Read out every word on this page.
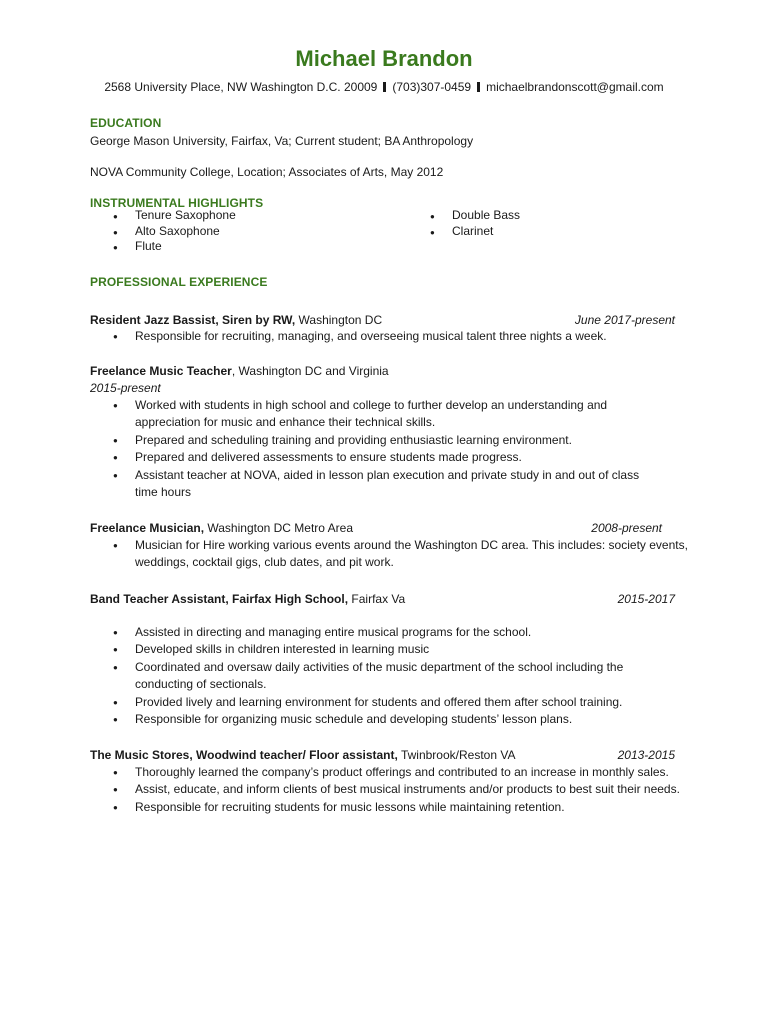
Michael Brandon
2568 University Place, NW Washington D.C. 20009 (703)307-0459 michaelbrandonscott@gmail.com
EDUCATION
George Mason University, Fairfax, Va; Current student; BA Anthropology
NOVA Community College, Location; Associates of Arts, May 2012
INSTRUMENTAL HIGHLIGHTS
● Tenure Saxophone
● Alto Saxophone
● Flute
● Double Bass
● Clarinet
PROFESSIONAL EXPERIENCE
Resident Jazz Bassist, Siren by RW, Washington DC	June 2017-present
● Responsible for recruiting, managing, and overseeing musical talent three nights a week.
Freelance Music Teacher, Washington DC and Virginia
2015-present
● Worked with students in high school and college to further develop an understanding and appreciation for music and enhance their technical skills.
● Prepared and scheduling training and providing enthusiastic learning environment.
● Prepared and delivered assessments to ensure students made progress.
● Assistant teacher at NOVA, aided in lesson plan execution and private study in and out of class time hours
Freelance Musician, Washington DC Metro Area	2008-present
● Musician for Hire working various events around the Washington DC area. This includes: society events, weddings, cocktail gigs, club dates, and pit work.
Band Teacher Assistant, Fairfax High School, Fairfax Va	2015-2017
● Assisted in directing and managing entire musical programs for the school.
● Developed skills in children interested in learning music
● Coordinated and oversaw daily activities of the music department of the school including the conducting of sectionals.
● Provided lively and learning environment for students and offered them after school training.
● Responsible for organizing music schedule and developing students’ lesson plans.
The Music Stores, Woodwind teacher/ Floor assistant, Twinbrook/Reston VA	2013-2015
● Thoroughly learned the company’s product offerings and contributed to an increase in monthly sales.
● Assist, educate, and inform clients of best musical instruments and/or products to best suit their needs.
● Responsible for recruiting students for music lessons while maintaining retention.
